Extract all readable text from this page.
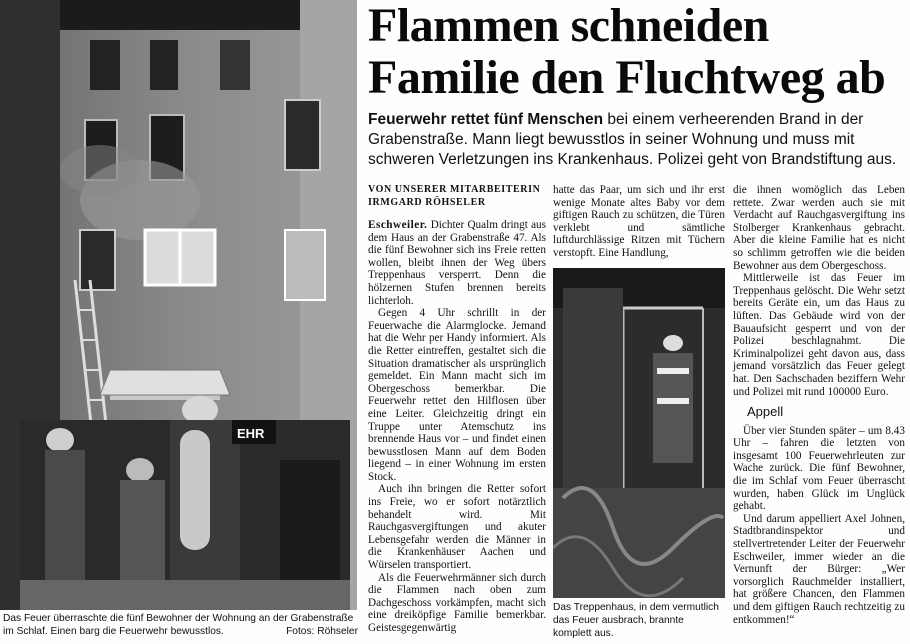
EHR
Das Feuer überraschte die fünf Bewohner der Wohnung an der Grabenstraße im Schlaf. Einen barg die Feuerwehr bewusstlos.	Fotos: Röhseler
Flammen schneiden
Familie den Fluchtweg ab
Feuerwehr rettet fünf Menschen bei einem verheerenden Brand in der Grabenstraße. Mann liegt bewusstlos in seiner Wohnung und muss mit schweren Verletzungen ins Krankenhaus. Polizei geht von Brandstiftung aus.
VON UNSERER MITARBEITERIN
IRMGARD RÖHSELER

Eschweiler. Dichter Qualm dringt aus dem Haus an der Grabenstraße 47. Als die fünf Bewohner sich ins Freie retten wollen, bleibt ihnen der Weg übers Treppenhaus versperrt. Denn die hölzernen Stufen brennen bereits lichterloh.

Gegen 4 Uhr schrillt in der Feuerwache die Alarmglocke. Jemand hat die Wehr per Handy informiert. Als die Retter eintreffen, gestaltet sich die Situation dramatischer als ursprünglich gemeldet. Ein Mann macht sich im Obergeschoss bemerkbar. Die Feuerwehr rettet den Hilflosen über eine Leiter. Gleichzeitig dringt ein Truppe unter Atemschutz ins brennende Haus vor – und findet einen bewusstlosen Mann auf dem Boden liegend – in einer Wohnung im ersten Stock.

Auch ihn bringen die Retter sofort ins Freie, wo er sofort notärztlich behandelt wird. Mit Rauchgasvergiftungen und akuter Lebensgefahr werden die Männer in die Krankenhäuser Aachen und Würselen transportiert.

Als die Feuerwehrmänner sich durch die Flammen nach oben zum Dachgeschoss vorkämpfen, macht sich eine dreiköpfige Familie bemerkbar. Geistesgegenwärtig

hatte das Paar, um sich und ihr erst wenige Monate altes Baby vor dem giftigen Rauch zu schützen, die Türen verklebt und sämtliche luftdurchlässige Ritzen mit Tüchern verstopft. Eine Handlung,

Das Treppenhaus, in dem vermutlich das Feuer ausbrach, brannte komplett aus.

die ihnen womöglich das Leben rettete. Zwar werden auch sie mit Verdacht auf Rauchgasvergiftung ins Stolberger Krankenhaus gebracht. Aber die kleine Familie hat es nicht so schlimm getroffen wie die beiden Bewohner aus dem Obergeschoss.

Mittlerweile ist das Feuer im Treppenhaus gelöscht. Die Wehr setzt bereits Geräte ein, um das Haus zu lüften. Das Gebäude wird von der Bauaufsicht gesperrt und von der Polizei beschlagnahmt. Die Kriminalpolizei geht davon aus, dass jemand vorsätzlich das Feuer gelegt hat. Den Sachschaden beziffern Wehr und Polizei mit rund 100000 Euro.

Appell

Über vier Stunden später – um 8.43 Uhr – fahren die letzten von insgesamt 100 Feuerwehrleuten zur Wache zurück. Die fünf Bewohner, die im Schlaf vom Feuer überrascht wurden, haben Glück im Unglück gehabt.

Und darum appelliert Axel Johnen, Stadtbrandinspektor und stellvertretender Leiter der Feuerwehr Eschweiler, immer wieder an die Vernunft der Bürger: „Wer vorsorglich Rauchmelder installiert, hat größere Chancen, den Flammen und dem giftigen Rauch rechtzeitig zu entkommen!“
